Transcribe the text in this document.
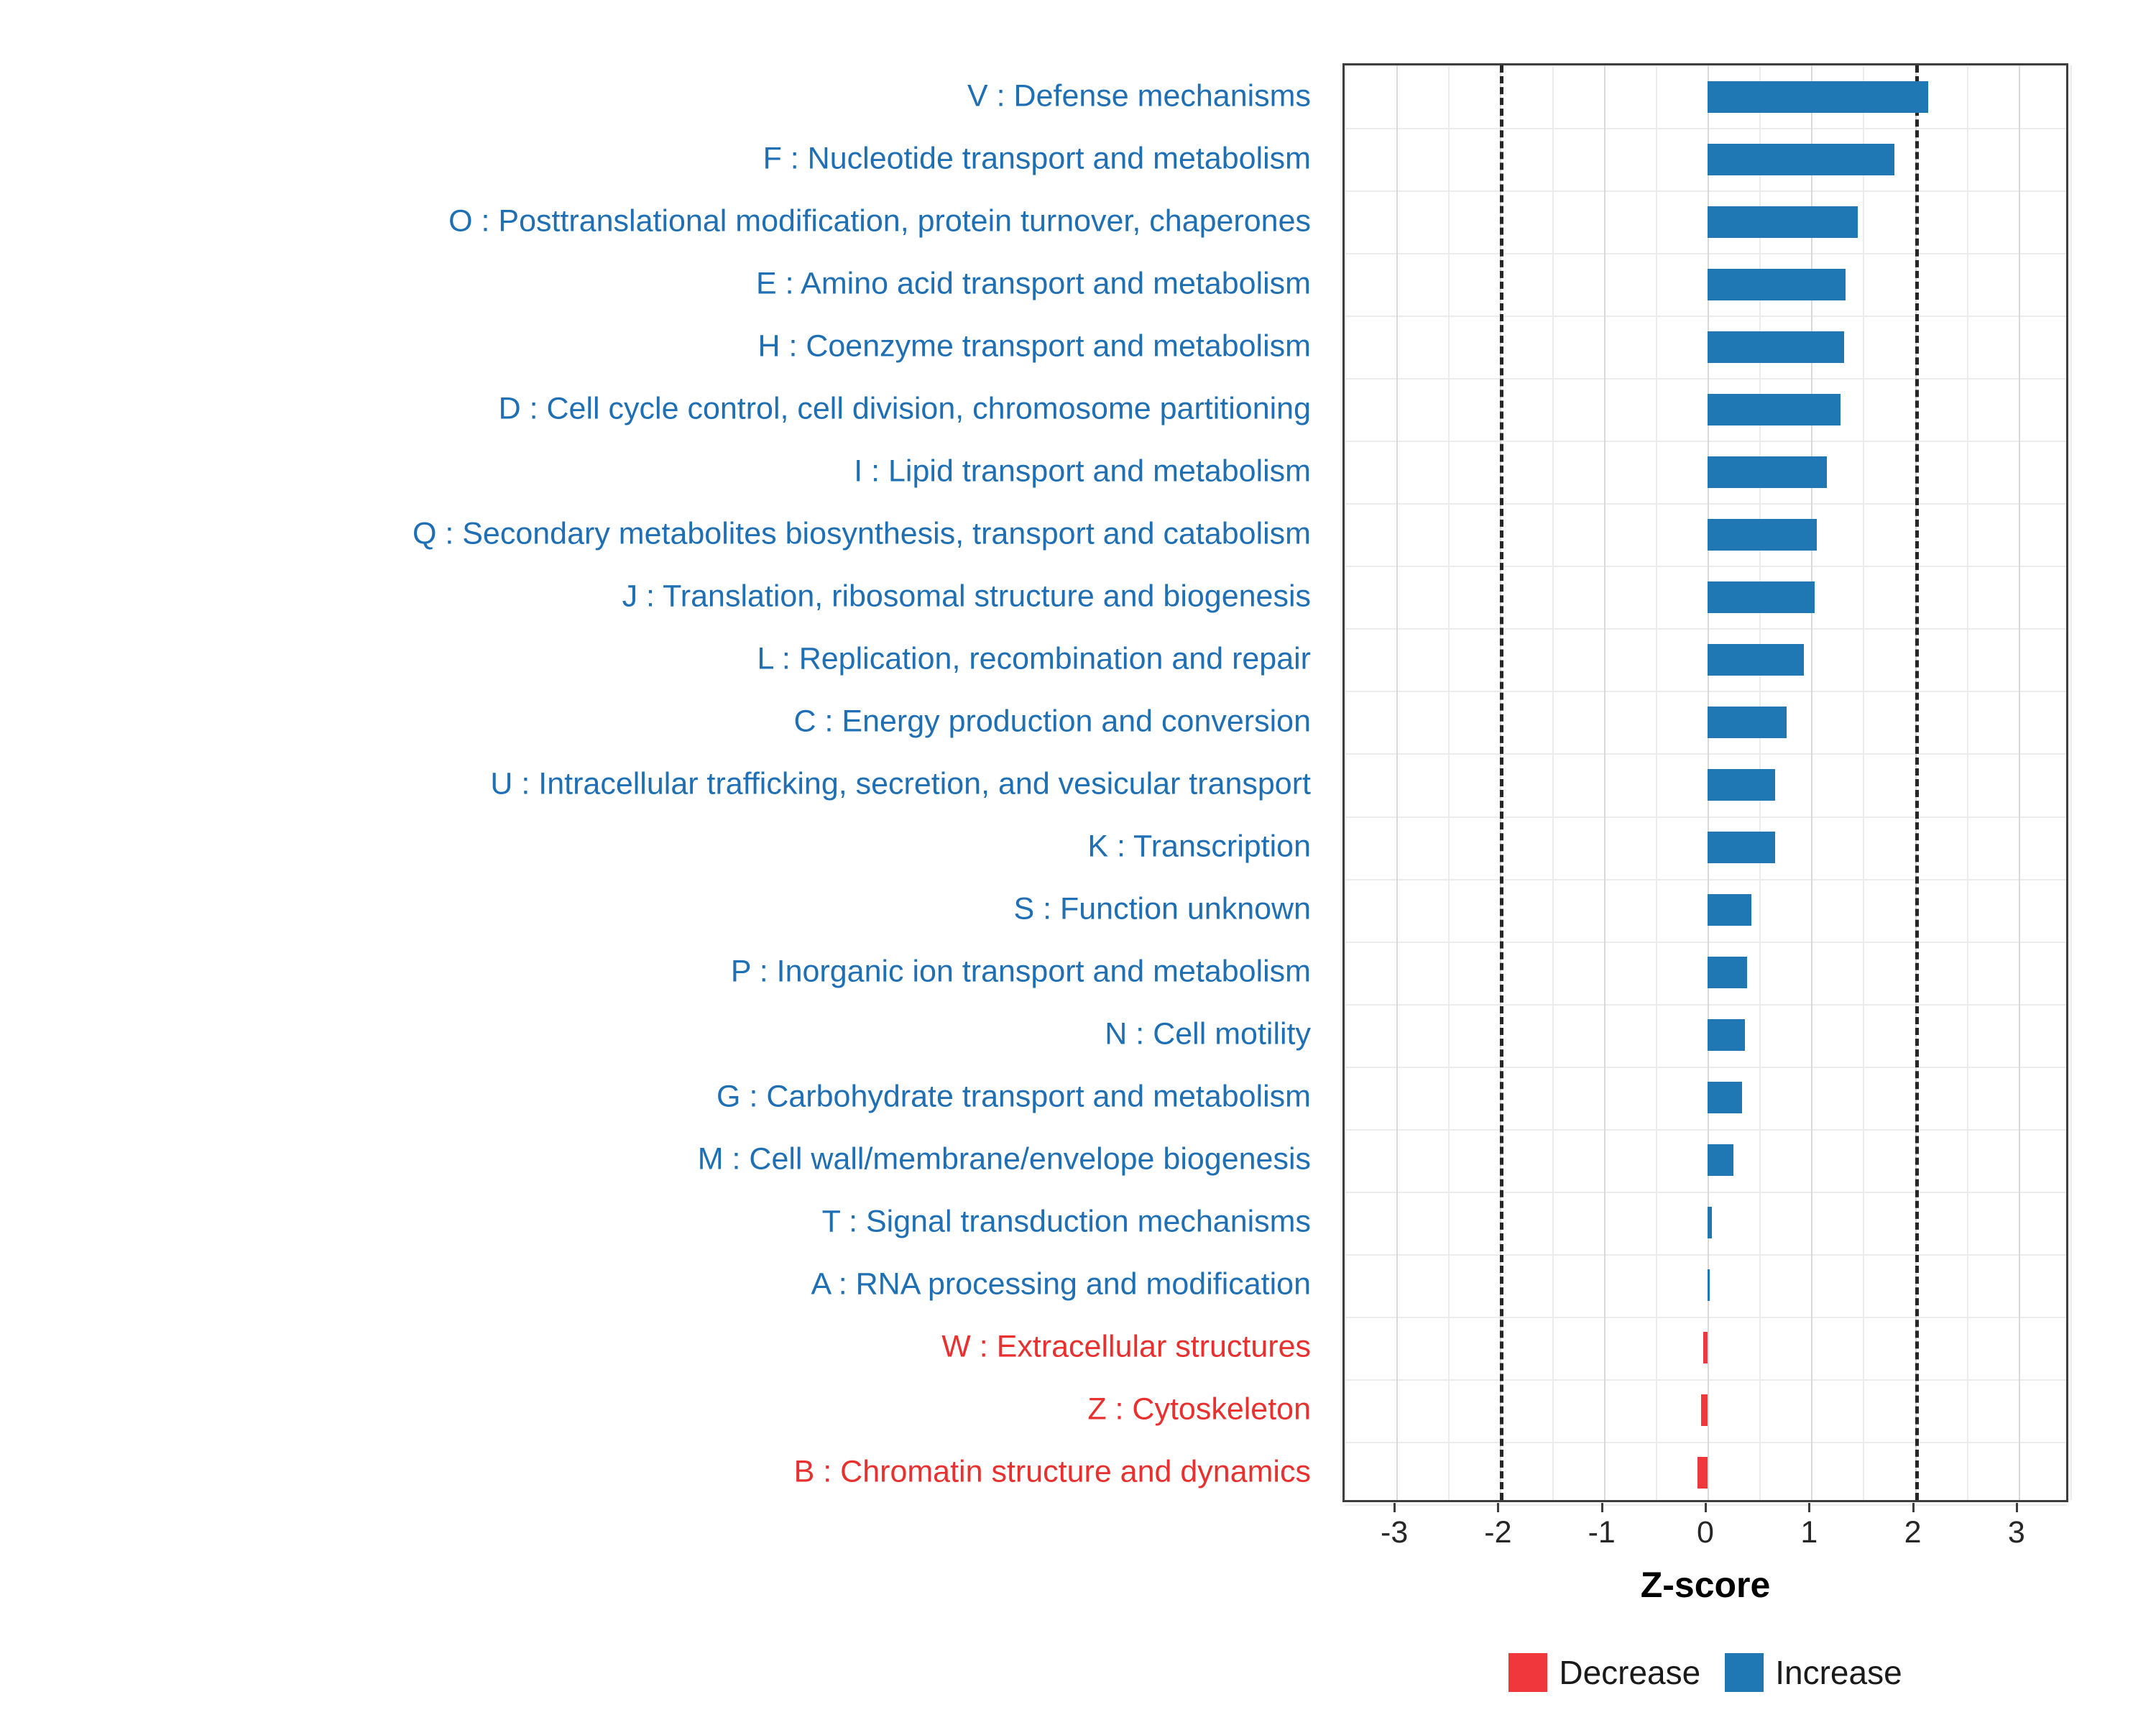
V : Defense mechanisms
F : Nucleotide transport and metabolism
O : Posttranslational modification, protein turnover, chaperones
E : Amino acid transport and metabolism
H : Coenzyme transport and metabolism
D : Cell cycle control, cell division, chromosome partitioning
I : Lipid transport and metabolism
Q : Secondary metabolites biosynthesis, transport and catabolism
J : Translation, ribosomal structure and biogenesis
L : Replication, recombination and repair
C : Energy production and conversion
U : Intracellular trafficking, secretion, and vesicular transport
K : Transcription
S : Function unknown
P : Inorganic ion transport and metabolism
N : Cell motility
G : Carbohydrate transport and metabolism
M : Cell wall/membrane/envelope biogenesis
T : Signal transduction mechanisms
A : RNA processing and modification
W : Extracellular structures
Z : Cytoskeleton
B : Chromatin structure and dynamics
-3 -2 -1	0	1	2	3
Z-score
Decrease Increase
